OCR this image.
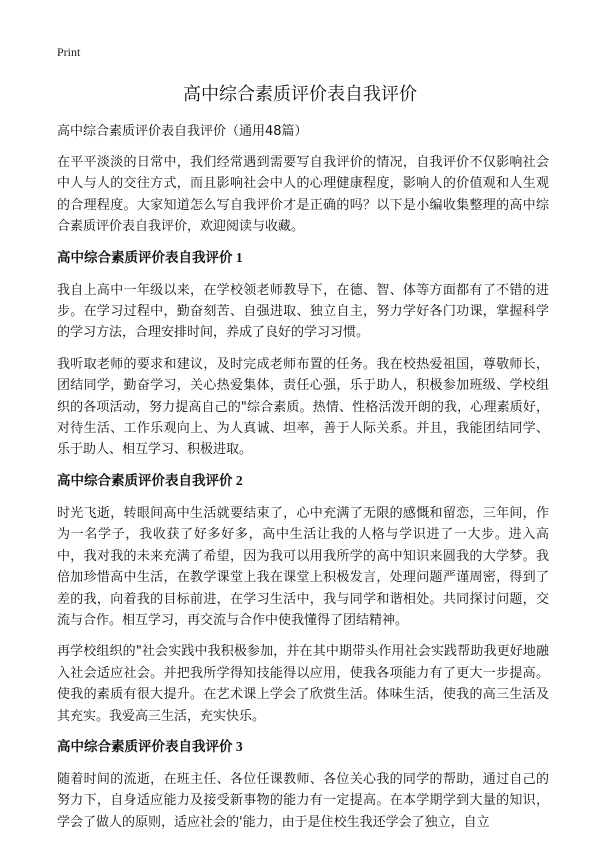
Print
高中综合素质评价表自我评价
高中综合素质评价表自我评价（通用48篇）

在平平淡淡的日常中，我们经常遇到需要写自我评价的情况，自我评价不仅影响社会中人与人的交往方式，而且影响社会中人的心理健康程度，影响人的价值观和人生观的合理程度。大家知道怎么写自我评价才是正确的吗？以下是小编收集整理的高中综合素质评价表自我评价，欢迎阅读与收藏。

高中综合素质评价表自我评价 1

我自上高中一年级以来，在学校领老师教导下，在德、智、体等方面都有了不错的进步。在学习过程中，勤奋刻苦、自强进取、独立自主，努力学好各门功课，掌握科学的学习方法，合理安排时间，养成了良好的学习习惯。

我听取老师的要求和建议，及时完成老师布置的任务。我在校热爱祖国，尊敬师长，团结同学，勤奋学习，关心热爱集体，责任心强，乐于助人，积极参加班级、学校组织的各项活动，努力提高自己的"综合素质。热情、性格活泼开朗的我，心理素质好，对待生活、工作乐观向上、为人真诚、坦率，善于人际关系。并且，我能团结同学、乐于助人、相互学习、积极进取。

高中综合素质评价表自我评价 2

时光飞逝，转眼间高中生活就要结束了，心中充满了无限的感慨和留恋，三年间，作为一名学子，我收获了好多好多，高中生活让我的人格与学识进了一大步。进入高中，我对我的未来充满了希望，因为我可以用我所学的高中知识来圆我的大学梦。我倍加珍惜高中生活，在教学课堂上我在课堂上积极发言，处理问题严谨周密，得到了差的我，向着我的目标前进，在学习生活中，我与同学和谐相处。共同探讨问题，交流与合作。相互学习，再交流与合作中使我懂得了团结精神。

再学校组织的"社会实践中我积极参加，并在其中期带头作用社会实践帮助我更好地融入社会适应社会。并把我所学得知技能得以应用，使我各项能力有了更大一步提高。使我的素质有很大提升。在艺术课上学会了欣赏生活。体味生活，使我的高三生活及其充实。我爱高三生活，充实快乐。

高中综合素质评价表自我评价 3

随着时间的流逝，在班主任、各位任课教师、各位关心我的同学的帮助，通过自己的努力下，自身适应能力及接受新事物的能力有一定提高。在本学期学到大量的知识，学会了做人的原则，适应社会的'能力，由于是住校生我还学会了独立，自立
